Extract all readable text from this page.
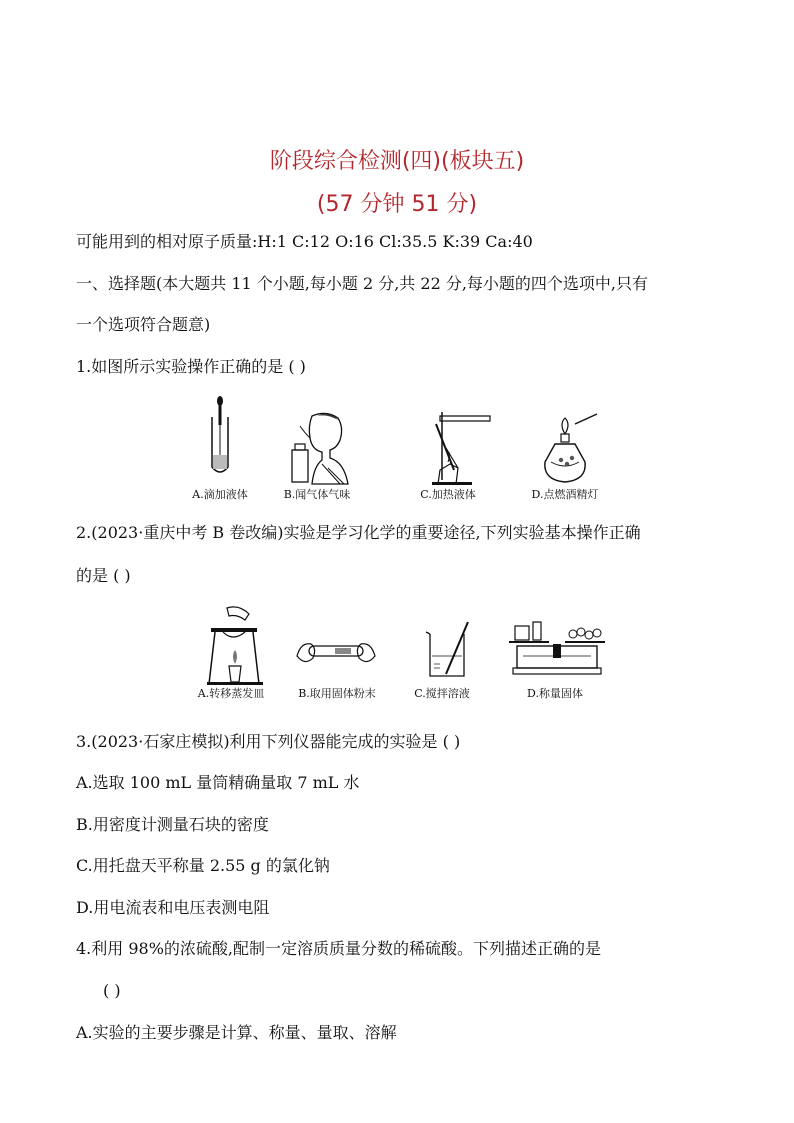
阶段综合检测(四)(板块五)
(57 分钟 51 分)
可能用到的相对原子质量:H:1 C:12 O:16 Cl:35.5 K:39 Ca:40
一、选择题(本大题共 11 个小题,每小题 2 分,共 22 分,每小题的四个选项中,只有
一个选项符合题意)
1.如图所示实验操作正确的是 ( )
A.滴加液体	B.闻气体气味	C.加热液体	D.点燃酒精灯
2.(2023·重庆中考 B 卷改编)实验是学习化学的重要途径,下列实验基本操作正确
的是 ( )
A.转移蒸发皿	B.取用固体粉末	C.搅拌溶液	D.称量固体
3.(2023·石家庄模拟)利用下列仪器能完成的实验是 ( )
A.选取 100 mL 量筒精确量取 7 mL 水
B.用密度计测量石块的密度
C.用托盘天平称量 2.55 g 的氯化钠
D.用电流表和电压表测电阻
4.利用 98%的浓硫酸,配制一定溶质质量分数的稀硫酸。下列描述正确的是
( )
A.实验的主要步骤是计算、称量、量取、溶解
